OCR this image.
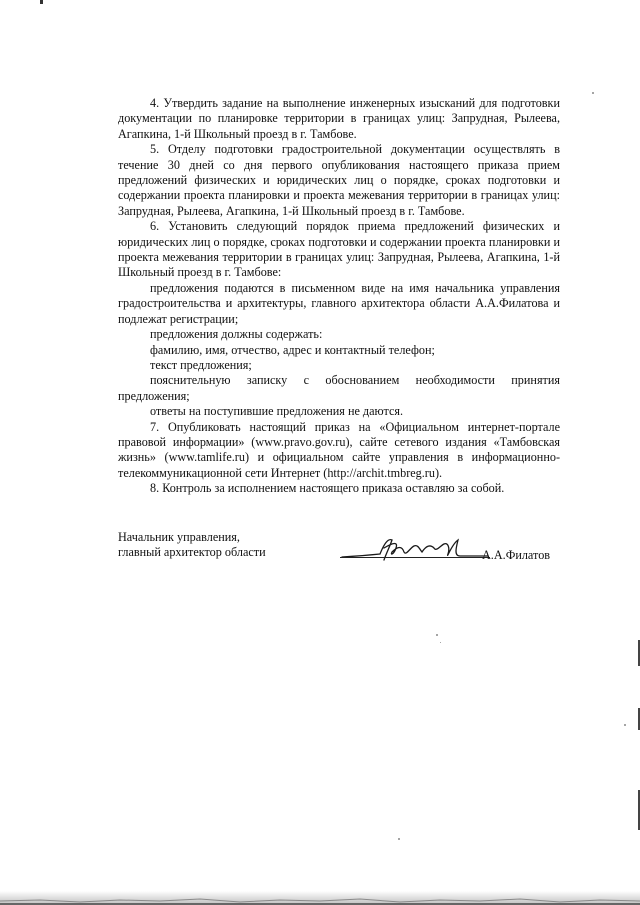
4. Утвердить задание на выполнение инженерных изысканий для подготовки документации по планировке территории в границах улиц: Запрудная, Рылеева, Агапкина, 1-й Школьный проезд в г. Тамбове.

5. Отделу подготовки градостроительной документации осуществлять в течение 30 дней со дня первого опубликования настоящего приказа прием предложений физических и юридических лиц о порядке, сроках подготовки и содержании проекта планировки и проекта межевания территории в границах улиц: Запрудная, Рылеева, Агапкина, 1-й Школьный проезд в г. Тамбове.

6. Установить следующий порядок приема предложений физических и юридических лиц о порядке, сроках подготовки и содержании проекта планировки и проекта межевания территории в границах улиц: Запрудная, Рылеева, Агапкина, 1-й Школьный проезд в г. Тамбове:

предложения подаются в письменном виде на имя начальника управления градостроительства и архитектуры, главного архитектора области А.А.Филатова и подлежат регистрации;

предложения должны содержать:

фамилию, имя, отчество, адрес и контактный телефон;

текст предложения;

пояснительную записку с обоснованием необходимости принятия предложения;

ответы на поступившие предложения не даются.

7. Опубликовать настоящий приказ на «Официальном интернет-портале правовой информации» (www.pravo.gov.ru), сайте сетевого издания «Тамбовская жизнь» (www.tamlife.ru) и официальном сайте управления в информационно-телекоммуникационной сети Интернет (http://archit.tmbreg.ru).

8. Контроль за исполнением настоящего приказа оставляю за собой.

Начальник управления,

главный архитектор области	А.А.Филатов
